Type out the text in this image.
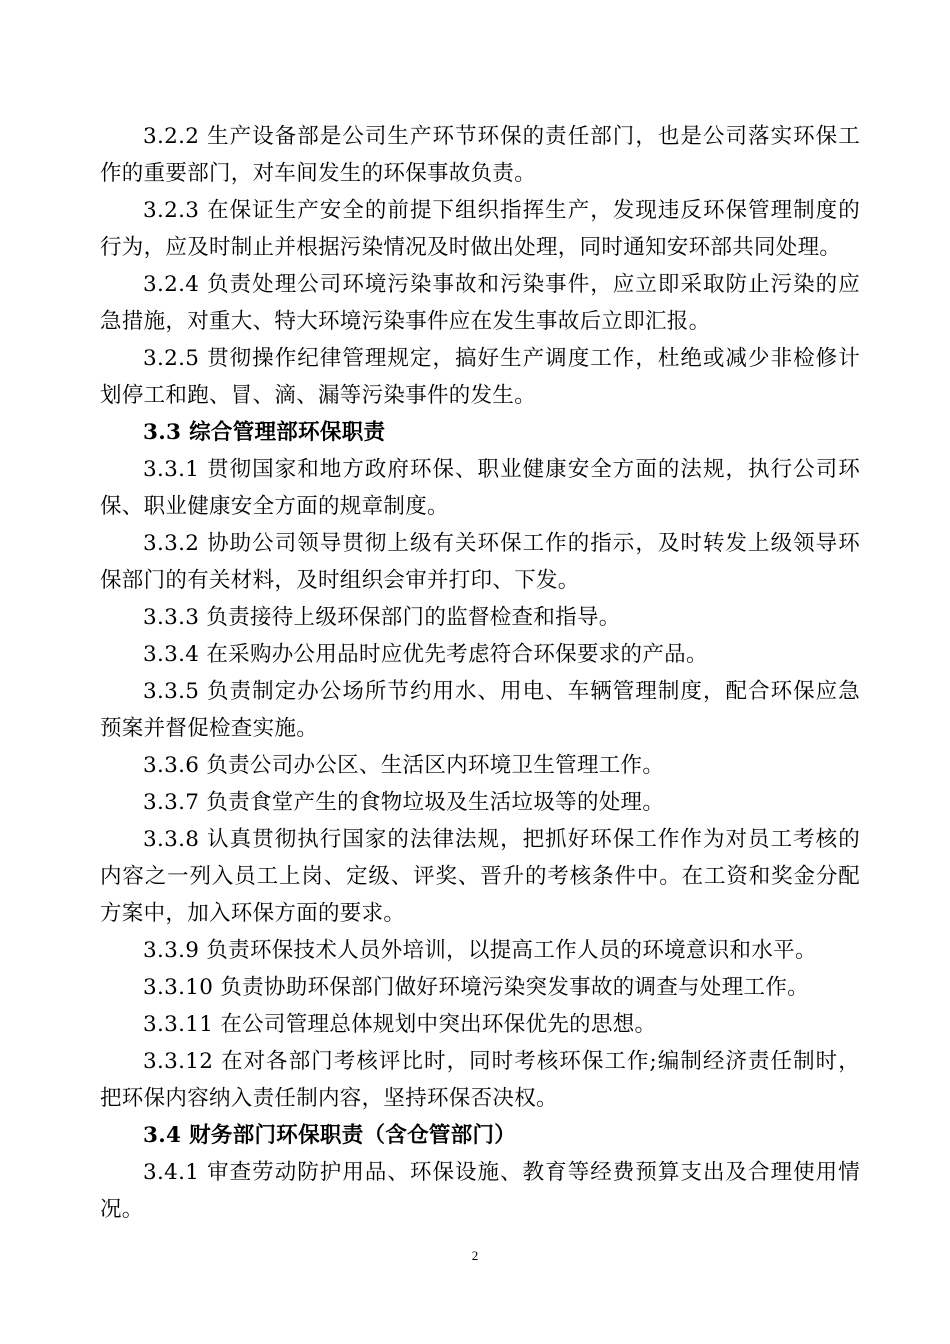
3.2.2 生产设备部是公司生产环节环保的责任部门，也是公司落实环保工作的重要部门，对车间发生的环保事故负责。

3.2.3 在保证生产安全的前提下组织指挥生产，发现违反环保管理制度的行为，应及时制止并根据污染情况及时做出处理，同时通知安环部共同处理。

3.2.4 负责处理公司环境污染事故和污染事件，应立即采取防止污染的应急措施，对重大、特大环境污染事件应在发生事故后立即汇报。

3.2.5 贯彻操作纪律管理规定，搞好生产调度工作，杜绝或减少非检修计划停工和跑、冒、滴、漏等污染事件的发生。

3.3 综合管理部环保职责

3.3.1 贯彻国家和地方政府环保、职业健康安全方面的法规，执行公司环保、职业健康安全方面的规章制度。

3.3.2 协助公司领导贯彻上级有关环保工作的指示，及时转发上级领导环保部门的有关材料，及时组织会审并打印、下发。

3.3.3 负责接待上级环保部门的监督检查和指导。

3.3.4 在采购办公用品时应优先考虑符合环保要求的产品。

3.3.5 负责制定办公场所节约用水、用电、车辆管理制度，配合环保应急预案并督促检查实施。

3.3.6 负责公司办公区、生活区内环境卫生管理工作。

3.3.7 负责食堂产生的食物垃圾及生活垃圾等的处理。

3.3.8 认真贯彻执行国家的法律法规，把抓好环保工作作为对员工考核的内容之一列入员工上岗、定级、评奖、晋升的考核条件中。在工资和奖金分配方案中，加入环保方面的要求。

3.3.9 负责环保技术人员外培训，以提高工作人员的环境意识和水平。

3.3.10 负责协助环保部门做好环境污染突发事故的调查与处理工作。

3.3.11 在公司管理总体规划中突出环保优先的思想。

3.3.12 在对各部门考核评比时，同时考核环保工作;编制经济责任制时，把环保内容纳入责任制内容，坚持环保否决权。

3.4 财务部门环保职责（含仓管部门）

3.4.1 审查劳动防护用品、环保设施、教育等经费预算支出及合理使用情况。

2
